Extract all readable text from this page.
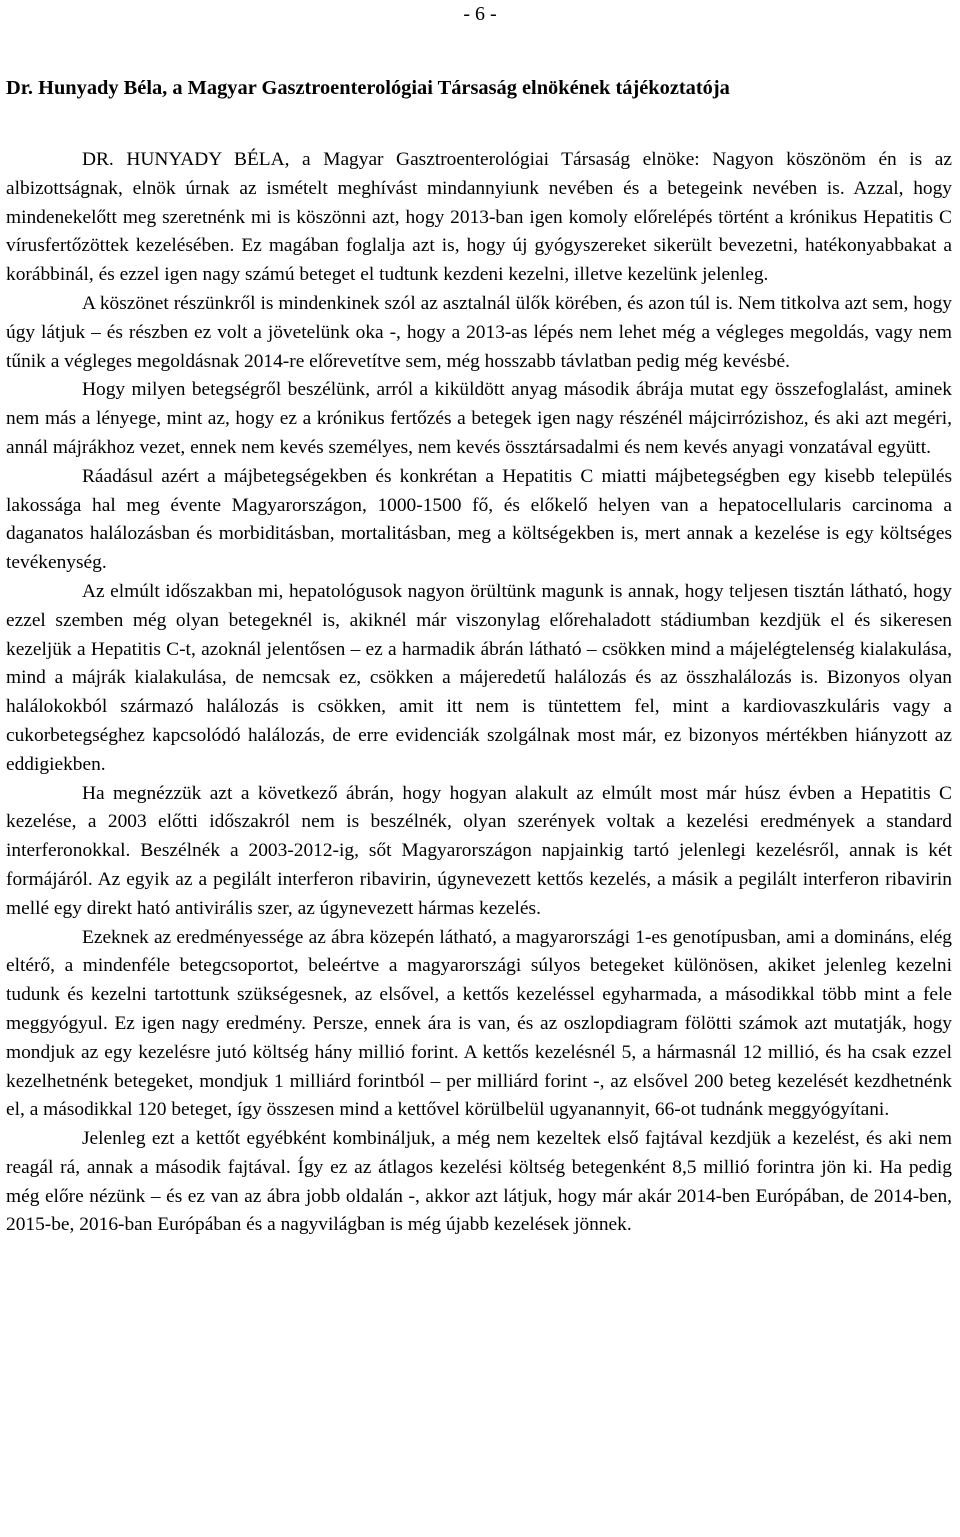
- 6 -

Dr. Hunyady Béla, a Magyar Gasztroenterológiai Társaság elnökének tájékoztatója

DR. HUNYADY BÉLA, a Magyar Gasztroenterológiai Társaság elnöke: Nagyon köszönöm én is az albizottságnak, elnök úrnak az ismételt meghívást mindannyiunk nevében és a betegeink nevében is. Azzal, hogy mindenekelőtt meg szeretnénk mi is köszönni azt, hogy 2013-ban igen komoly előrelépés történt a krónikus Hepatitis C vírusfertőzöttek kezelésében. Ez magában foglalja azt is, hogy új gyógyszereket sikerült bevezetni, hatékonyabbakat a korábbinál, és ezzel igen nagy számú beteget el tudtunk kezdeni kezelni, illetve kezelünk jelenleg.

A köszönet részünkről is mindenkinek szól az asztalnál ülők körében, és azon túl is. Nem titkolva azt sem, hogy úgy látjuk – és részben ez volt a jövetelünk oka -, hogy a 2013-as lépés nem lehet még a végleges megoldás, vagy nem tűnik a végleges megoldásnak 2014-re előrevetítve sem, még hosszabb távlatban pedig még kevésbé.

Hogy milyen betegségről beszélünk, arról a kiküldött anyag második ábrája mutat egy összefoglalást, aminek nem más a lényege, mint az, hogy ez a krónikus fertőzés a betegek igen nagy részénél májcirrózishoz, és aki azt megéri, annál májrákhoz vezet, ennek nem kevés személyes, nem kevés össztársadalmi és nem kevés anyagi vonzatával együtt.

Ráadásul azért a májbetegségekben és konkrétan a Hepatitis C miatti májbetegségben egy kisebb település lakossága hal meg évente Magyarországon, 1000-1500 fő, és előkelő helyen van a hepatocellularis carcinoma a daganatos halálozásban és morbiditásban, mortalitásban, meg a költségekben is, mert annak a kezelése is egy költséges tevékenység.

Az elmúlt időszakban mi, hepatológusok nagyon örültünk magunk is annak, hogy teljesen tisztán látható, hogy ezzel szemben még olyan betegeknél is, akiknél már viszonylag előrehaladott stádiumban kezdjük el és sikeresen kezeljük a Hepatitis C-t, azoknál jelentősen – ez a harmadik ábrán látható – csökken mind a májelégtelenség kialakulása, mind a májrák kialakulása, de nemcsak ez, csökken a májeredetű halálozás és az összhalálozás is. Bizonyos olyan halálokokból származó halálozás is csökken, amit itt nem is tüntettem fel, mint a kardiovaszkuláris vagy a cukorbetegséghez kapcsolódó halálozás, de erre evidenciák szolgálnak most már, ez bizonyos mértékben hiányzott az eddigiekben.

Ha megnézzük azt a következő ábrán, hogy hogyan alakult az elmúlt most már húsz évben a Hepatitis C kezelése, a 2003 előtti időszakról nem is beszélnék, olyan szerények voltak a kezelési eredmények a standard interferonokkal. Beszélnék a 2003-2012-ig, sőt Magyarországon napjainkig tartó jelenlegi kezelésről, annak is két formájáról. Az egyik az a pegilált interferon ribavirin, úgynevezett kettős kezelés, a másik a pegilált interferon ribavirin mellé egy direkt ható antivirális szer, az úgynevezett hármas kezelés.

Ezeknek az eredményessége az ábra közepén látható, a magyarországi 1-es genotípusban, ami a domináns, elég eltérő, a mindenféle betegcsoportot, beleértve a magyarországi súlyos betegeket különösen, akiket jelenleg kezelni tudunk és kezelni tartottunk szükségesnek, az elsővel, a kettős kezeléssel egyharmada, a másodikkal több mint a fele meggyógyul. Ez igen nagy eredmény. Persze, ennek ára is van, és az oszlopdiagram fölötti számok azt mutatják, hogy mondjuk az egy kezelésre jutó költség hány millió forint. A kettős kezelésnél 5, a hármasnál 12 millió, és ha csak ezzel kezelhetnénk betegeket, mondjuk 1 milliárd forintból – per milliárd forint -, az elsővel 200 beteg kezelését kezdhetnénk el, a másodikkal 120 beteget, így összesen mind a kettővel körülbelül ugyanannyit, 66-ot tudnánk meggyógyítani.

Jelenleg ezt a kettőt egyébként kombináljuk, a még nem kezeltek első fajtával kezdjük a kezelést, és aki nem reagál rá, annak a második fajtával. Így ez az átlagos kezelési költség betegenként 8,5 millió forintra jön ki. Ha pedig még előre nézünk – és ez van az ábra jobb oldalán -, akkor azt látjuk, hogy már akár 2014-ben Európában, de 2014-ben, 2015-be, 2016-ban Európában és a nagyvilágban is még újabb kezelések jönnek.
